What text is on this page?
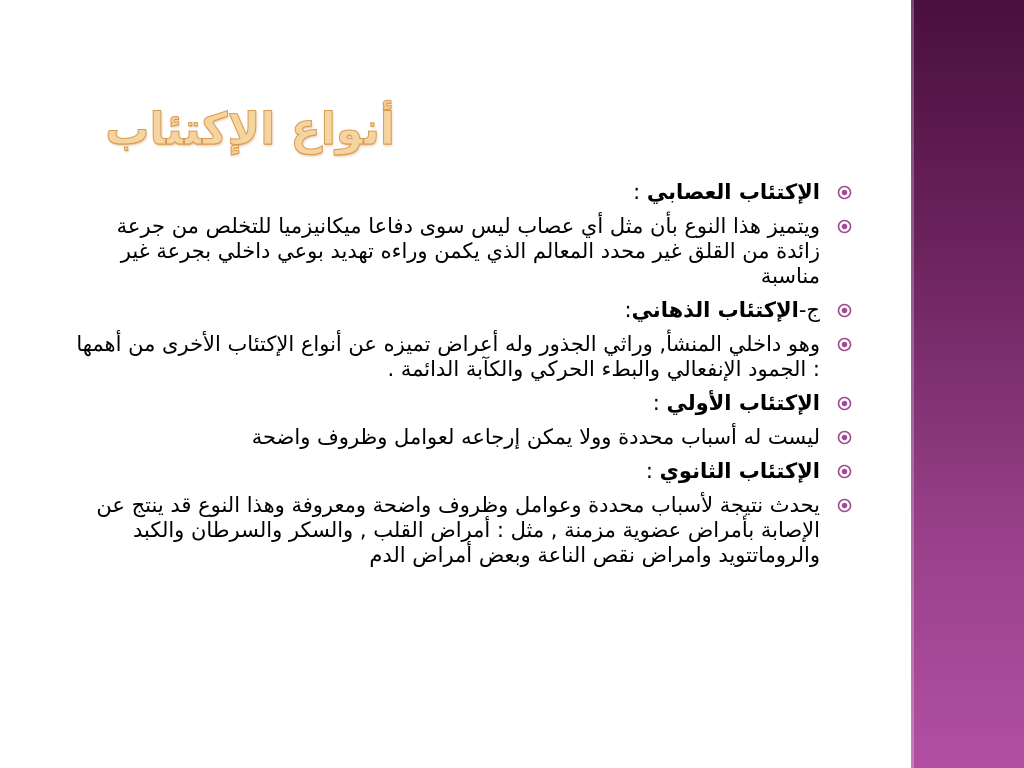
أنواع الإكتئاب
الإكتئاب العصابي :
ويتميز هذا النوع بأن مثل أي عصاب ليس سوى دفاعا ميكانيزميا للتخلص من جرعة زائدة من القلق غير محدد المعالم الذي يكمن وراءه تهديد بوعي داخلي بجرعة غير مناسبة
ج-الإكتئاب الذهاني:
وهو داخلي المنشأ, وراثي الجذور وله أعراض تميزه عن أنواع الإكتئاب الأخرى من أهمها : الجمود الإنفعالي والبطء الحركي والكآبة الدائمة .
الإكتئاب الأولي :
ليست له أسباب محددة وولا يمكن إرجاعه لعوامل وظروف واضحة
الإكتئاب الثانوي :
يحدث نتيجة لأسباب محددة وعوامل وظروف واضحة ومعروفة وهذا النوع قد ينتج عن الإصابة بأمراض عضوية مزمنة , مثل : أمراض القلب , والسكر والسرطان والكبد والروماتتويد وامراض نقص الناعة وبعض أمراض الدم
